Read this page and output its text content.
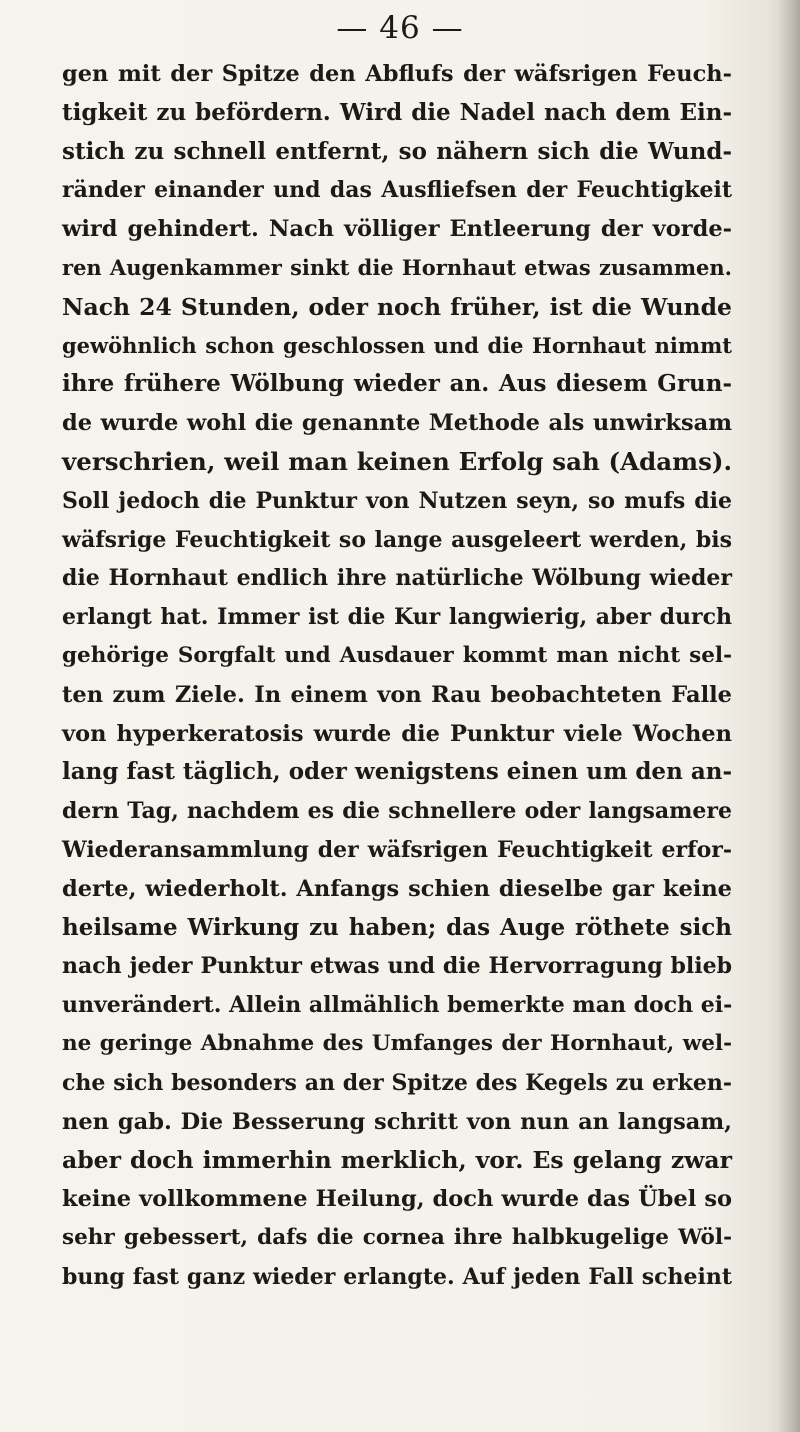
— 46 —
gen mit der Spitze den Abflufs der wäfsrigen Feuch-
tigkeit zu befördern. Wird die Nadel nach dem Ein-
stich zu schnell entfernt, so nähern sich die Wund-
ränder einander und das Ausfliefsen der Feuchtigkeit
wird gehindert. Nach völliger Entleerung der vorde-
ren Augenkammer sinkt die Hornhaut etwas zusammen.
Nach 24 Stunden, oder noch früher, ist die Wunde
gewöhnlich schon geschlossen und die Hornhaut nimmt
ihre frühere Wölbung wieder an. Aus diesem Grun-
de wurde wohl die genannte Methode als unwirksam
verschrien, weil man keinen Erfolg sah (Adams).
Soll jedoch die Punktur von Nutzen seyn, so mufs die
wäfsrige Feuchtigkeit so lange ausgeleert werden, bis
die Hornhaut endlich ihre natürliche Wölbung wieder
erlangt hat. Immer ist die Kur langwierig, aber durch
gehörige Sorgfalt und Ausdauer kommt man nicht sel-
ten zum Ziele. In einem von Rau beobachteten Falle
von hyperkeratosis wurde die Punktur viele Wochen
lang fast täglich, oder wenigstens einen um den an-
dern Tag, nachdem es die schnellere oder langsamere
Wiederansammlung der wäfsrigen Feuchtigkeit erfor-
derte, wiederholt. Anfangs schien dieselbe gar keine
heilsame Wirkung zu haben; das Auge röthete sich
nach jeder Punktur etwas und die Hervorragung blieb
unverändert. Allein allmählich bemerkte man doch ei-
ne geringe Abnahme des Umfanges der Hornhaut, wel-
che sich besonders an der Spitze des Kegels zu erken-
nen gab. Die Besserung schritt von nun an langsam,
aber doch immerhin merklich, vor. Es gelang zwar
keine vollkommene Heilung, doch wurde das Übel so
sehr gebessert, dafs die cornea ihre halbkugelige Wöl-
bung fast ganz wieder erlangte. Auf jeden Fall scheint
